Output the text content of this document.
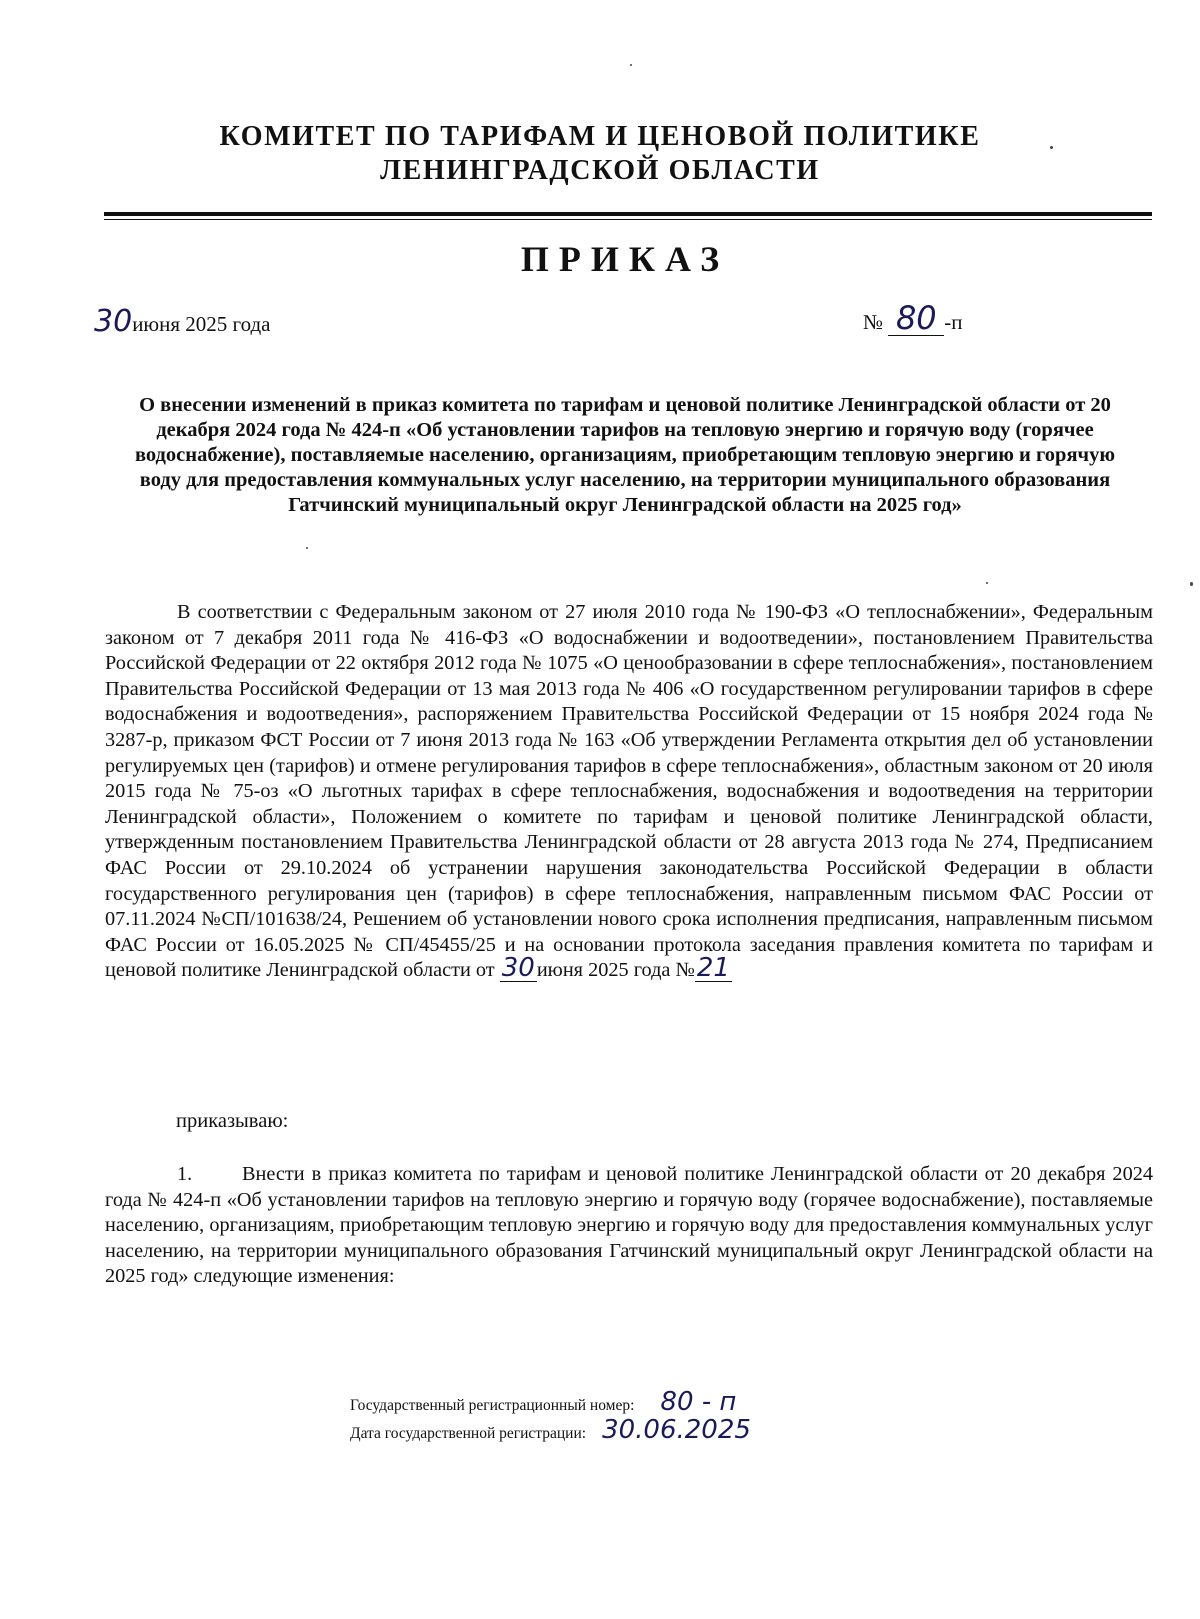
КОМИТЕТ ПО ТАРИФАМ И ЦЕНОВОЙ ПОЛИТИКЕ
ЛЕНИНГРАДСКОЙ ОБЛАСТИ
ПРИКАЗ
30июня 2025 года	№ 80 -п
О внесении изменений в приказ комитета по тарифам и ценовой политике Ленинградской области от 20 декабря 2024 года № 424-п «Об установлении тарифов на тепловую энергию и горячую воду (горячее водоснабжение), поставляемые населению, организациям, приобретающим тепловую энергию и горячую воду для предоставления коммунальных услуг населению, на территории муниципального образования Гатчинский муниципальный округ Ленинградской области на 2025 год»
В соответствии с Федеральным законом от 27 июля 2010 года № 190-ФЗ «О теплоснабжении», Федеральным законом от 7 декабря 2011 года № 416-ФЗ «О водоснабжении и водоотведении», постановлением Правительства Российской Федерации от 22 октября 2012 года № 1075 «О ценообразовании в сфере теплоснабжения», постановлением Правительства Российской Федерации от 13 мая 2013 года № 406 «О государственном регулировании тарифов в сфере водоснабжения и водоотведения», распоряжением Правительства Российской Федерации от 15 ноября 2024 года № 3287-р, приказом ФСТ России от 7 июня 2013 года № 163 «Об утверждении Регламента открытия дел об установлении регулируемых цен (тарифов) и отмене регулирования тарифов в сфере теплоснабжения», областным законом от 20 июля 2015 года № 75-оз «О льготных тарифах в сфере теплоснабжения, водоснабжения и водоотведения на территории Ленинградской области», Положением о комитете по тарифам и ценовой политике Ленинградской области, утвержденным постановлением Правительства Ленинградской области от 28 августа 2013 года № 274, Предписанием ФАС России от 29.10.2024 об устранении нарушения законодательства Российской Федерации в области государственного регулирования цен (тарифов) в сфере теплоснабжения, направленным письмом ФАС России от 07.11.2024 №СП/101638/24, Решением об установлении нового срока исполнения предписания, направленным письмом ФАС России от 16.05.2025 № СП/45455/25 и на основании протокола заседания правления комитета по тарифам и ценовой политике Ленинградской области от 30июня 2025 года №21
приказываю:
1. Внести в приказ комитета по тарифам и ценовой политике Ленинградской области от 20 декабря 2024 года № 424-п «Об установлении тарифов на тепловую энергию и горячую воду (горячее водоснабжение), поставляемые населению, организациям, приобретающим тепловую энергию и горячую воду для предоставления коммунальных услуг населению, на территории муниципального образования Гатчинский муниципальный округ Ленинградской области на 2025 год» следующие изменения:
Государственный регистрационный номер: 80 - п
Дата государственной регистрации: 30.06.2025
